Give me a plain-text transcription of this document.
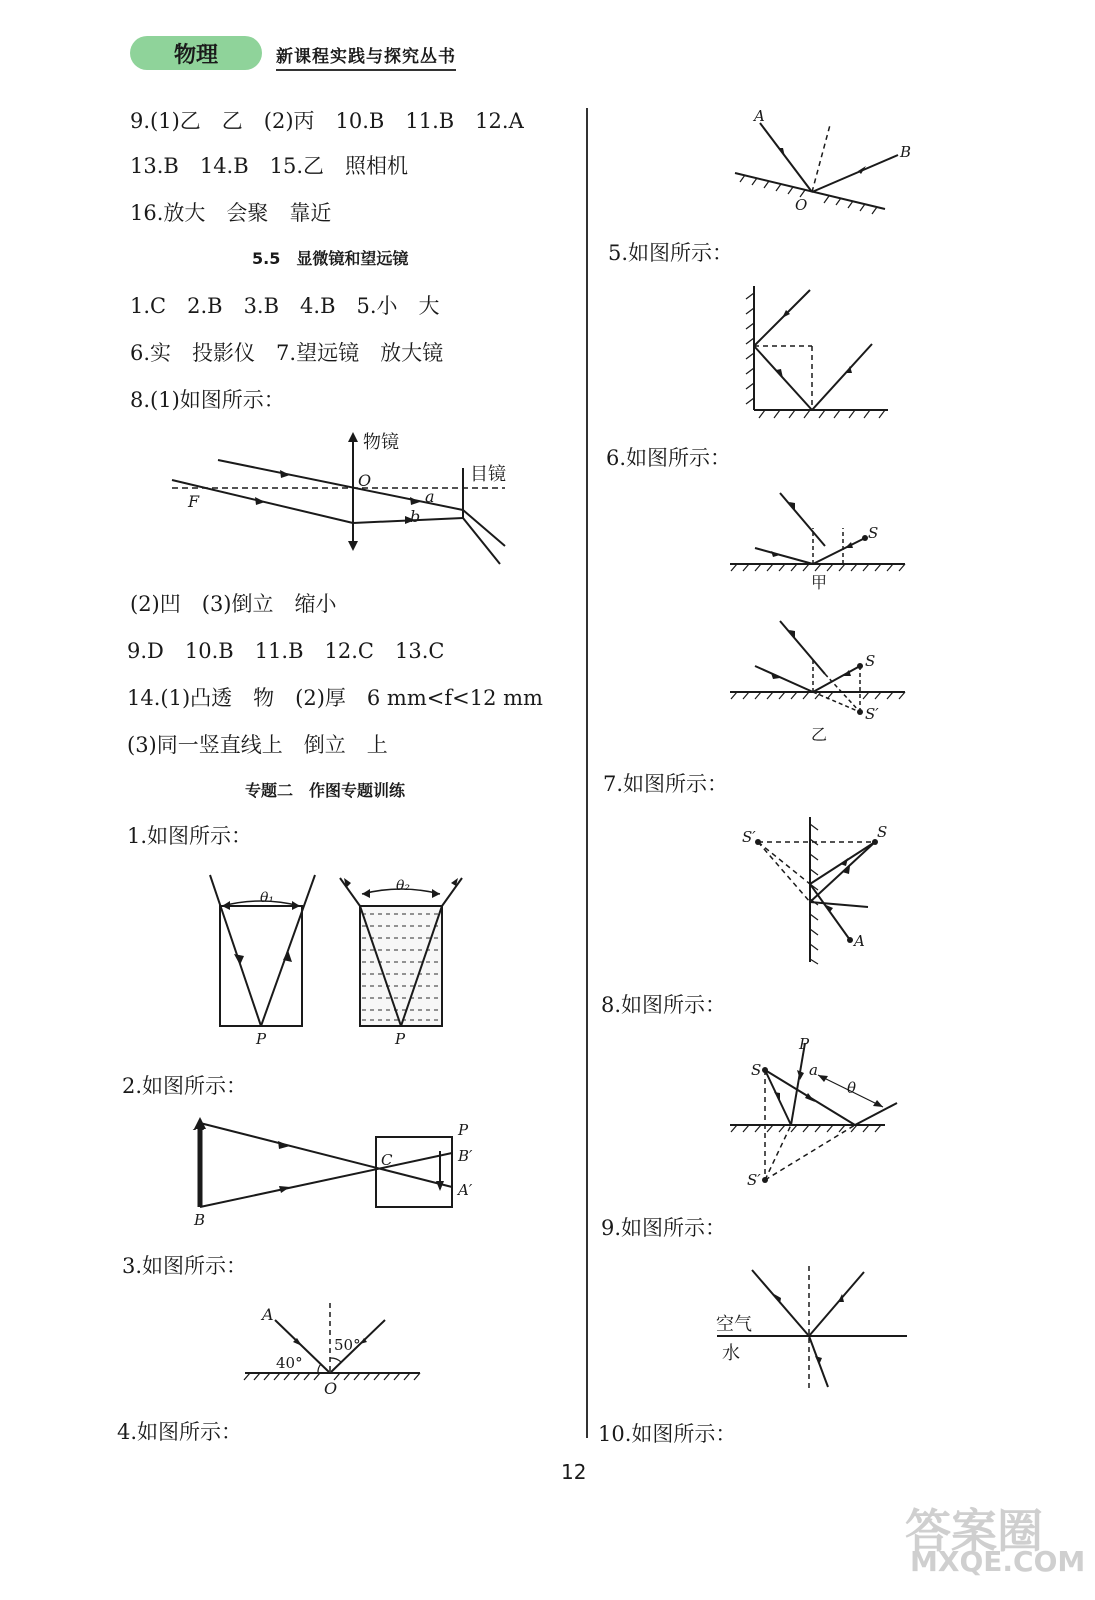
物理	新课程实践与探究丛书
9.(1)乙　乙　(2)丙　10.B　11.B　12.A
13.B　14.B　15.乙　照相机
16.放大　会聚　靠近
5.5　显微镜和望远镜
1.C　2.B　3.B　4.B　5.小　大
6.实　投影仪　7.望远镜　放大镜
8.(1)如图所示：
物镜
目镜
O
F	a
b
(2)凹　(3)倒立　缩小
9.D　10.B　11.B　12.C　13.C
14.(1)凸透　物　(2)厚　6 mm<f<12 mm
(3)同一竖直线上　倒立　上
专题二　作图专题训练
1.如图所示：
θ₁
P
θ₂
P
2.如图所示：
A
B
C
P
B′
A′
3.如图所示：
A
O
40°
50°
4.如图所示：
A
B
O
5.如图所示：
6.如图所示：
S
甲
S
S′
乙
7.如图所示：
S′	S
A
8.如图所示：
S
S′
P
a
θ
9.如图所示：
空气
水
10.如图所示：
12
答案圈
MXQE.COM
